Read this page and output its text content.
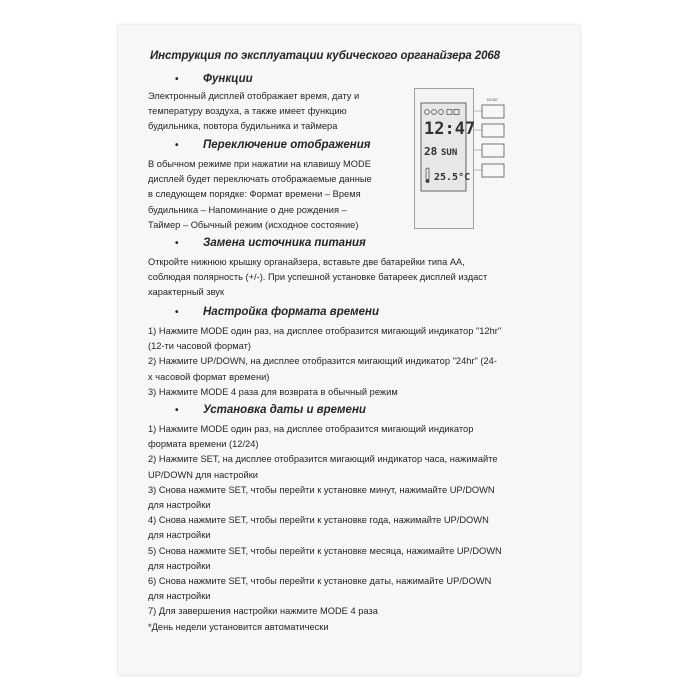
Инструкция по эксплуатации кубического органайзера 2068
• Функции
Электронный дисплей отображает время, дату и
температуру воздуха, а также имеет функцию
будильника, повтора будильника и таймера
• Переключение отображения
В обычном режиме при нажатии на клавишу MODE
дисплей будет переключать отображаемые данные
в следующем порядке: Формат времени – Время
будильника – Напоминание о дне рождения –
Таймер – Обычный режим (исходное состояние)
• Замена источника питания
Откройте нижнюю крышку органайзера, вставьте две батарейки типа АА,
соблюдая полярность (+/-). При успешной установке батареек дисплей издаст
характерный звук
• Настройка формата времени
1) Нажмите MODE один раз, на дисплее отобразится мигающий индикатор "12hr"
(12-ти часовой формат)
2) Нажмите UP/DOWN, на дисплее отобразится мигающий индикатор "24hr" (24-
х часовой формат времени)
3) Нажмите MODE 4 раза для возврата в обычный режим
• Установка даты и времени
1) Нажмите MODE один раз, на дисплее отобразится мигающий индикатор
формата времени (12/24)
2) Нажмите SET, на дисплее отобразится мигающий индикатор часа, нажимайте
UP/DOWN для настройки
3) Снова нажмите SET, чтобы перейти к установке минут, нажимайте UP/DOWN
для настройки
4) Снова нажмите SET, чтобы перейти к установке года, нажимайте UP/DOWN
для настройки
5) Снова нажмите SET, чтобы перейти к установке месяца, нажимайте UP/DOWN
для настройки
6) Снова нажмите SET, чтобы перейти к установке даты, нажимайте UP/DOWN
для настройки
7) Для завершения настройки нажмите MODE 4 раза
*День недели установится автоматически
12:47
28 SUN
25.5°C
MODE
